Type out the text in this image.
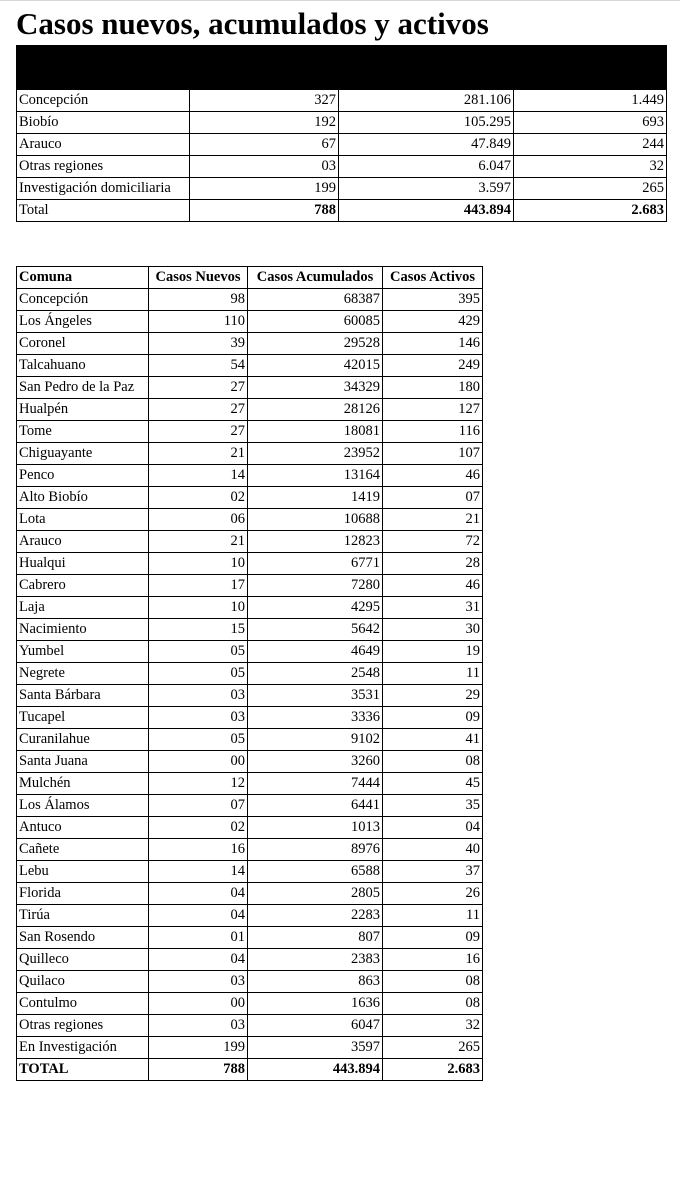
Casos nuevos, acumulados y activos

Concepción	327	281.106	1.449
Biobío	192	105.295	693
Arauco	67	47.849	244
Otras regiones	03	6.047	32
Investigación domiciliaria	199	3.597	265
Total	788	443.894	2.683
Comuna	Casos Nuevos	Casos Acumulados	Casos Activos
Concepción	98	68387	395
Los Ángeles	110	60085	429
Coronel	39	29528	146
Talcahuano	54	42015	249
San Pedro de la Paz	27	34329	180
Hualpén	27	28126	127
Tome	27	18081	116
Chiguayante	21	23952	107
Penco	14	13164	46
Alto Biobío	02	1419	07
Lota	06	10688	21
Arauco	21	12823	72
Hualqui	10	6771	28
Cabrero	17	7280	46
Laja	10	4295	31
Nacimiento	15	5642	30
Yumbel	05	4649	19
Negrete	05	2548	11
Santa Bárbara	03	3531	29
Tucapel	03	3336	09
Curanilahue	05	9102	41
Santa Juana	00	3260	08
Mulchén	12	7444	45
Los Álamos	07	6441	35
Antuco	02	1013	04
Cañete	16	8976	40
Lebu	14	6588	37
Florida	04	2805	26
Tirúa	04	2283	11
San Rosendo	01	807	09
Quilleco	04	2383	16
Quilaco	03	863	08
Contulmo	00	1636	08
Otras regiones	03	6047	32
En Investigación	199	3597	265
TOTAL	788	443.894	2.683
